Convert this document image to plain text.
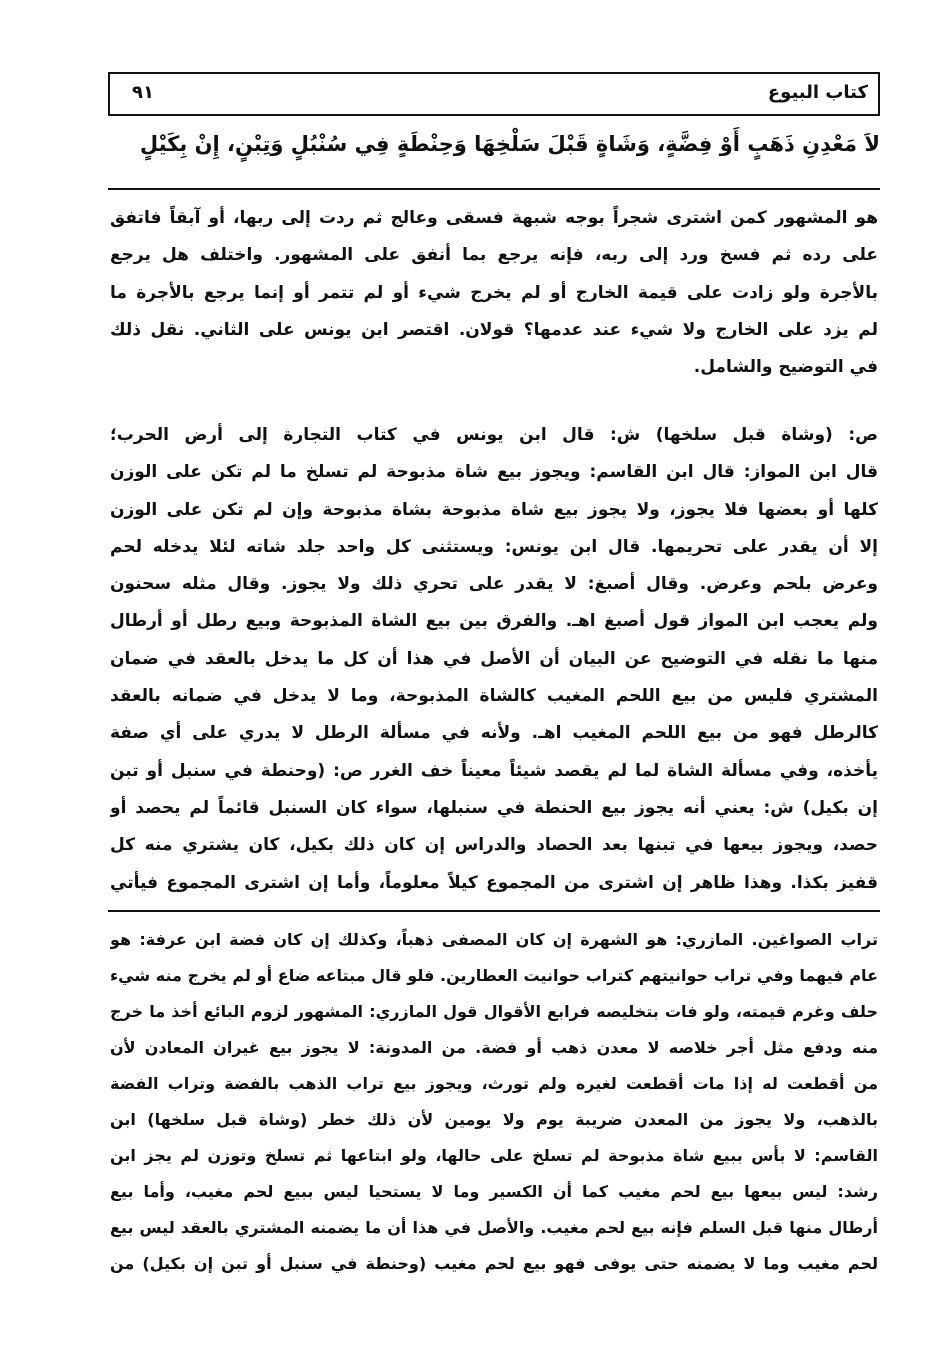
كتاب البيوع
٩١
لاَ مَعْدِنِ ذَهَبٍ أَوْ فِضَّةٍ، وَشَاةٍ قَبْلَ سَلْخِهَا وَحِنْطَةٍ فِي سُنْبُلٍ وَتِبْنٍ، إِنْ بِكَيْلٍ
هو المشهور كمن اشترى شجراً بوجه شبهة فسقى وعالج ثم ردت إلى ربها، أو آبقاً فاتفق
على رده ثم فسخ ورد إلى ربه، فإنه يرجع بما أنفق على المشهور. واختلف هل يرجع
بالأجرة ولو زادت على قيمة الخارج أو لم يخرج شيء أو لم تتمر أو إنما يرجع بالأجرة ما
لم يزد على الخارج ولا شيء عند عدمها؟ قولان. اقتصر ابن يونس على الثاني. نقل ذلك
في التوضيح والشامل.
ص: (وشاة قبل سلخها) ش: قال ابن يونس في كتاب التجارة إلى أرض الحرب؛
قال ابن المواز: قال ابن القاسم: ويجوز بيع شاة مذبوحة لم تسلخ ما لم تكن على الوزن
كلها أو بعضها فلا يجوز، ولا يجوز بيع شاة مذبوحة بشاة مذبوحة وإن لم تكن على الوزن
إلا أن يقدر على تحريمها. قال ابن يونس: ويستثنى كل واحد جلد شاته لئلا يدخله لحم
وعرض بلحم وعرض. وقال أصبغ: لا يقدر على تحري ذلك ولا يجوز. وقال مثله سحنون
ولم يعجب ابن المواز قول أصبغ اهـ. والفرق بين بيع الشاة المذبوحة وبيع رطل أو أرطال
منها ما نقله في التوضيح عن البيان أن الأصل في هذا أن كل ما يدخل بالعقد في ضمان
المشتري فليس من بيع اللحم المغيب كالشاة المذبوحة، وما لا يدخل في ضمانه بالعقد
كالرطل فهو من بيع اللحم المغيب اهـ. ولأنه في مسألة الرطل لا يدري على أي صفة
يأخذه، وفي مسألة الشاة لما لم يقصد شيئاً معيناً خف الغرر ص: (وحنطة في سنبل أو تبن
إن بكيل) ش: يعني أنه يجوز بيع الحنطة في سنبلها، سواء كان السنبل قائماً لم يحصد أو
حصد، ويجوز بيعها في تبنها بعد الحصاد والدراس إن كان ذلك بكيل، كان يشتري منه كل
قفيز بكذا. وهذا ظاهر إن اشترى من المجموع كيلاً معلوماً، وأما إن اشترى المجموع فيأتي
تراب الصواغين. المازري: هو الشهرة إن كان المصفى ذهباً، وكذلك إن كان فضة ابن عرفة: هو
عام فيهما وفي تراب حوانيتهم كتراب حوانيت العطارين. فلو قال مبتاعه ضاع أو لم يخرج منه شيء
حلف وغرم قيمته، ولو فات بتخليصه فرابع الأقوال قول المازري: المشهور لزوم البائع أخذ ما خرج
منه ودفع مثل أجر خلاصه لا معدن ذهب أو فضة. من المدونة: لا يجوز بيع غيران المعادن لأن
من أقطعت له إذا مات أقطعت لغيره ولم تورث، ويجوز بيع تراب الذهب بالفضة وتراب الفضة
بالذهب، ولا يجوز من المعدن ضريبة يوم ولا يومين لأن ذلك خطر (وشاة قبل سلخها) ابن
القاسم: لا بأس ببيع شاة مذبوحة لم تسلخ على حالها، ولو ابتاعها ثم تسلخ وتوزن لم يجز ابن
رشد: ليس بيعها بيع لحم مغيب كما أن الكسير وما لا يستحيا ليس ببيع لحم مغيب، وأما بيع
أرطال منها قبل السلم فإنه بيع لحم مغيب. والأصل في هذا أن ما يضمنه المشتري بالعقد ليس بيع
لحم مغيب وما لا يضمنه حتى يوفى فهو بيع لحم مغيب (وحنطة في سنبل أو تبن إن بكيل) من
